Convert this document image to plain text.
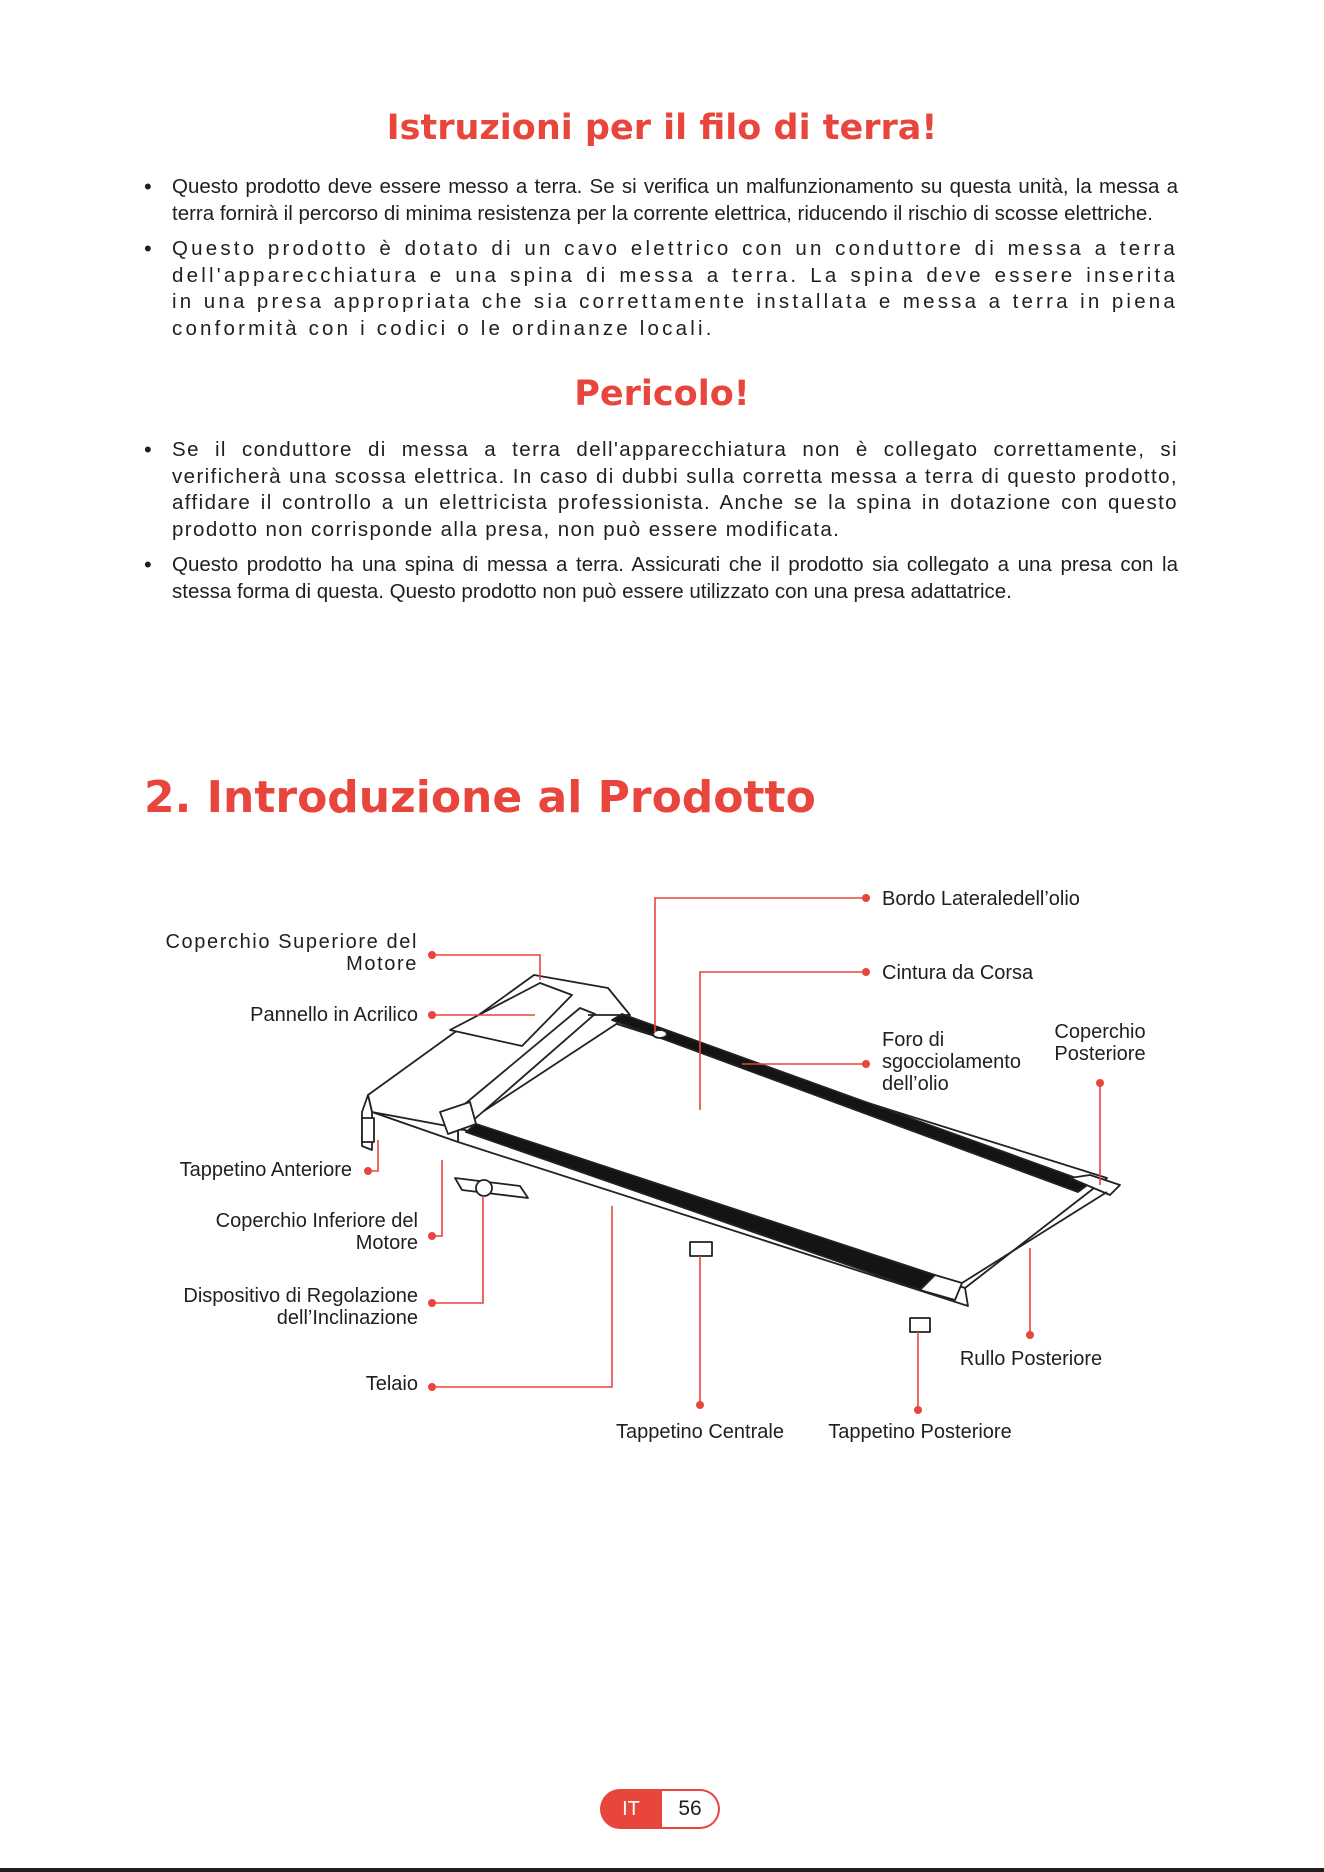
Istruzioni per il filo di terra!
• Questo prodotto deve essere messo a terra. Se si verifica un malfunzionamento su questa unità, la messa a terra fornirà il percorso di minima resistenza per la corrente elettrica, riducendo il rischio di scosse elettriche.
• Questo prodotto è dotato di un cavo elettrico con un conduttore di messa a terra dell'apparecchiatura e una spina di messa a terra. La spina deve essere inserita in una presa appropriata che sia correttamente installata e messa a terra in piena conformità con i codici o le ordinanze locali.
Pericolo!
• Se il conduttore di messa a terra dell'apparecchiatura non è collegato correttamente, si verificherà una scossa elettrica. In caso di dubbi sulla corretta messa a terra di questo prodotto, affidare il controllo a un elettricista professionista. Anche se la spina in dotazione con questo prodotto non corrisponde alla presa, non può essere modificata.
• Questo prodotto ha una spina di messa a terra. Assicurati che il prodotto sia collegato a una presa con la stessa forma di questa. Questo prodotto non può essere utilizzato con una presa adattatrice.
2. Introduzione al Prodotto
Coperchio Superiore del Motore
Pannello in Acrilico
Tappetino Anteriore
Coperchio Inferiore del Motore
Dispositivo di Regolazione dell’Inclinazione
Telaio
Tappetino Centrale	Tappetino Posteriore
Rullo Posteriore
Coperchio Posteriore
Foro di sgocciolamento dell’olio
Cintura da Corsa
Bordo Lateraledell’olio
IT	56
